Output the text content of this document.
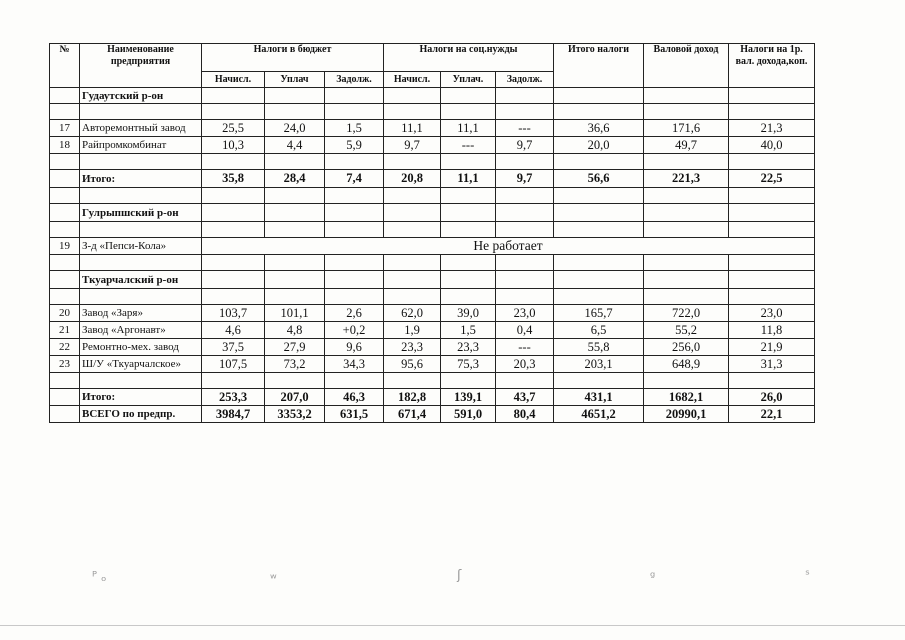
№	Наименование предприятия	Налоги в бюджет			Налоги на соц.нужды			Итого налоги	Валовой доход	Налоги на 1р. вал. дохода,коп.
		Начисл.	Уплач	Задолж.	Начисл.	Уплач.	Задолж.			
	Гудаутский р-он									

17	Авторемонтный завод	25,5	24,0	1,5	11,1	11,1	---	36,6	171,6	21,3
18	Райпромкомбинат	10,3	4,4	5,9	9,7	---	9,7	20,0	49,7	40,0

	Итого:	35,8	28,4	7,4	20,8	11,1	9,7	56,6	221,3	22,5

	Гулрыпшский р-он									

19	З-д «Пепси-Кола»	Не работает								

	Ткуарчалский р-он									

20	Завод «Заря»	103,7	101,1	2,6	62,0	39,0	23,0	165,7	722,0	23,0
21	Завод «Аргонавт»	4,6	4,8	+0,2	1,9	1,5	0,4	6,5	55,2	11,8
22	Ремонтно-мех. завод	37,5	27,9	9,6	23,3	23,3	---	55,8	256,0	21,9
23	Ш/У «Ткуарчалское»	107,5	73,2	34,3	95,6	75,3	20,3	203,1	648,9	31,3

	Итого:	253,3	207,0	46,3	182,8	139,1	43,7	431,1	1682,1	26,0
	ВСЕГО по предпр.	3984,7	3353,2	631,5	671,4	591,0	80,4	4651,2	20990,1	22,1
ᴾ ₒ	ʷ	ʃ	ᵍ	ˢ
